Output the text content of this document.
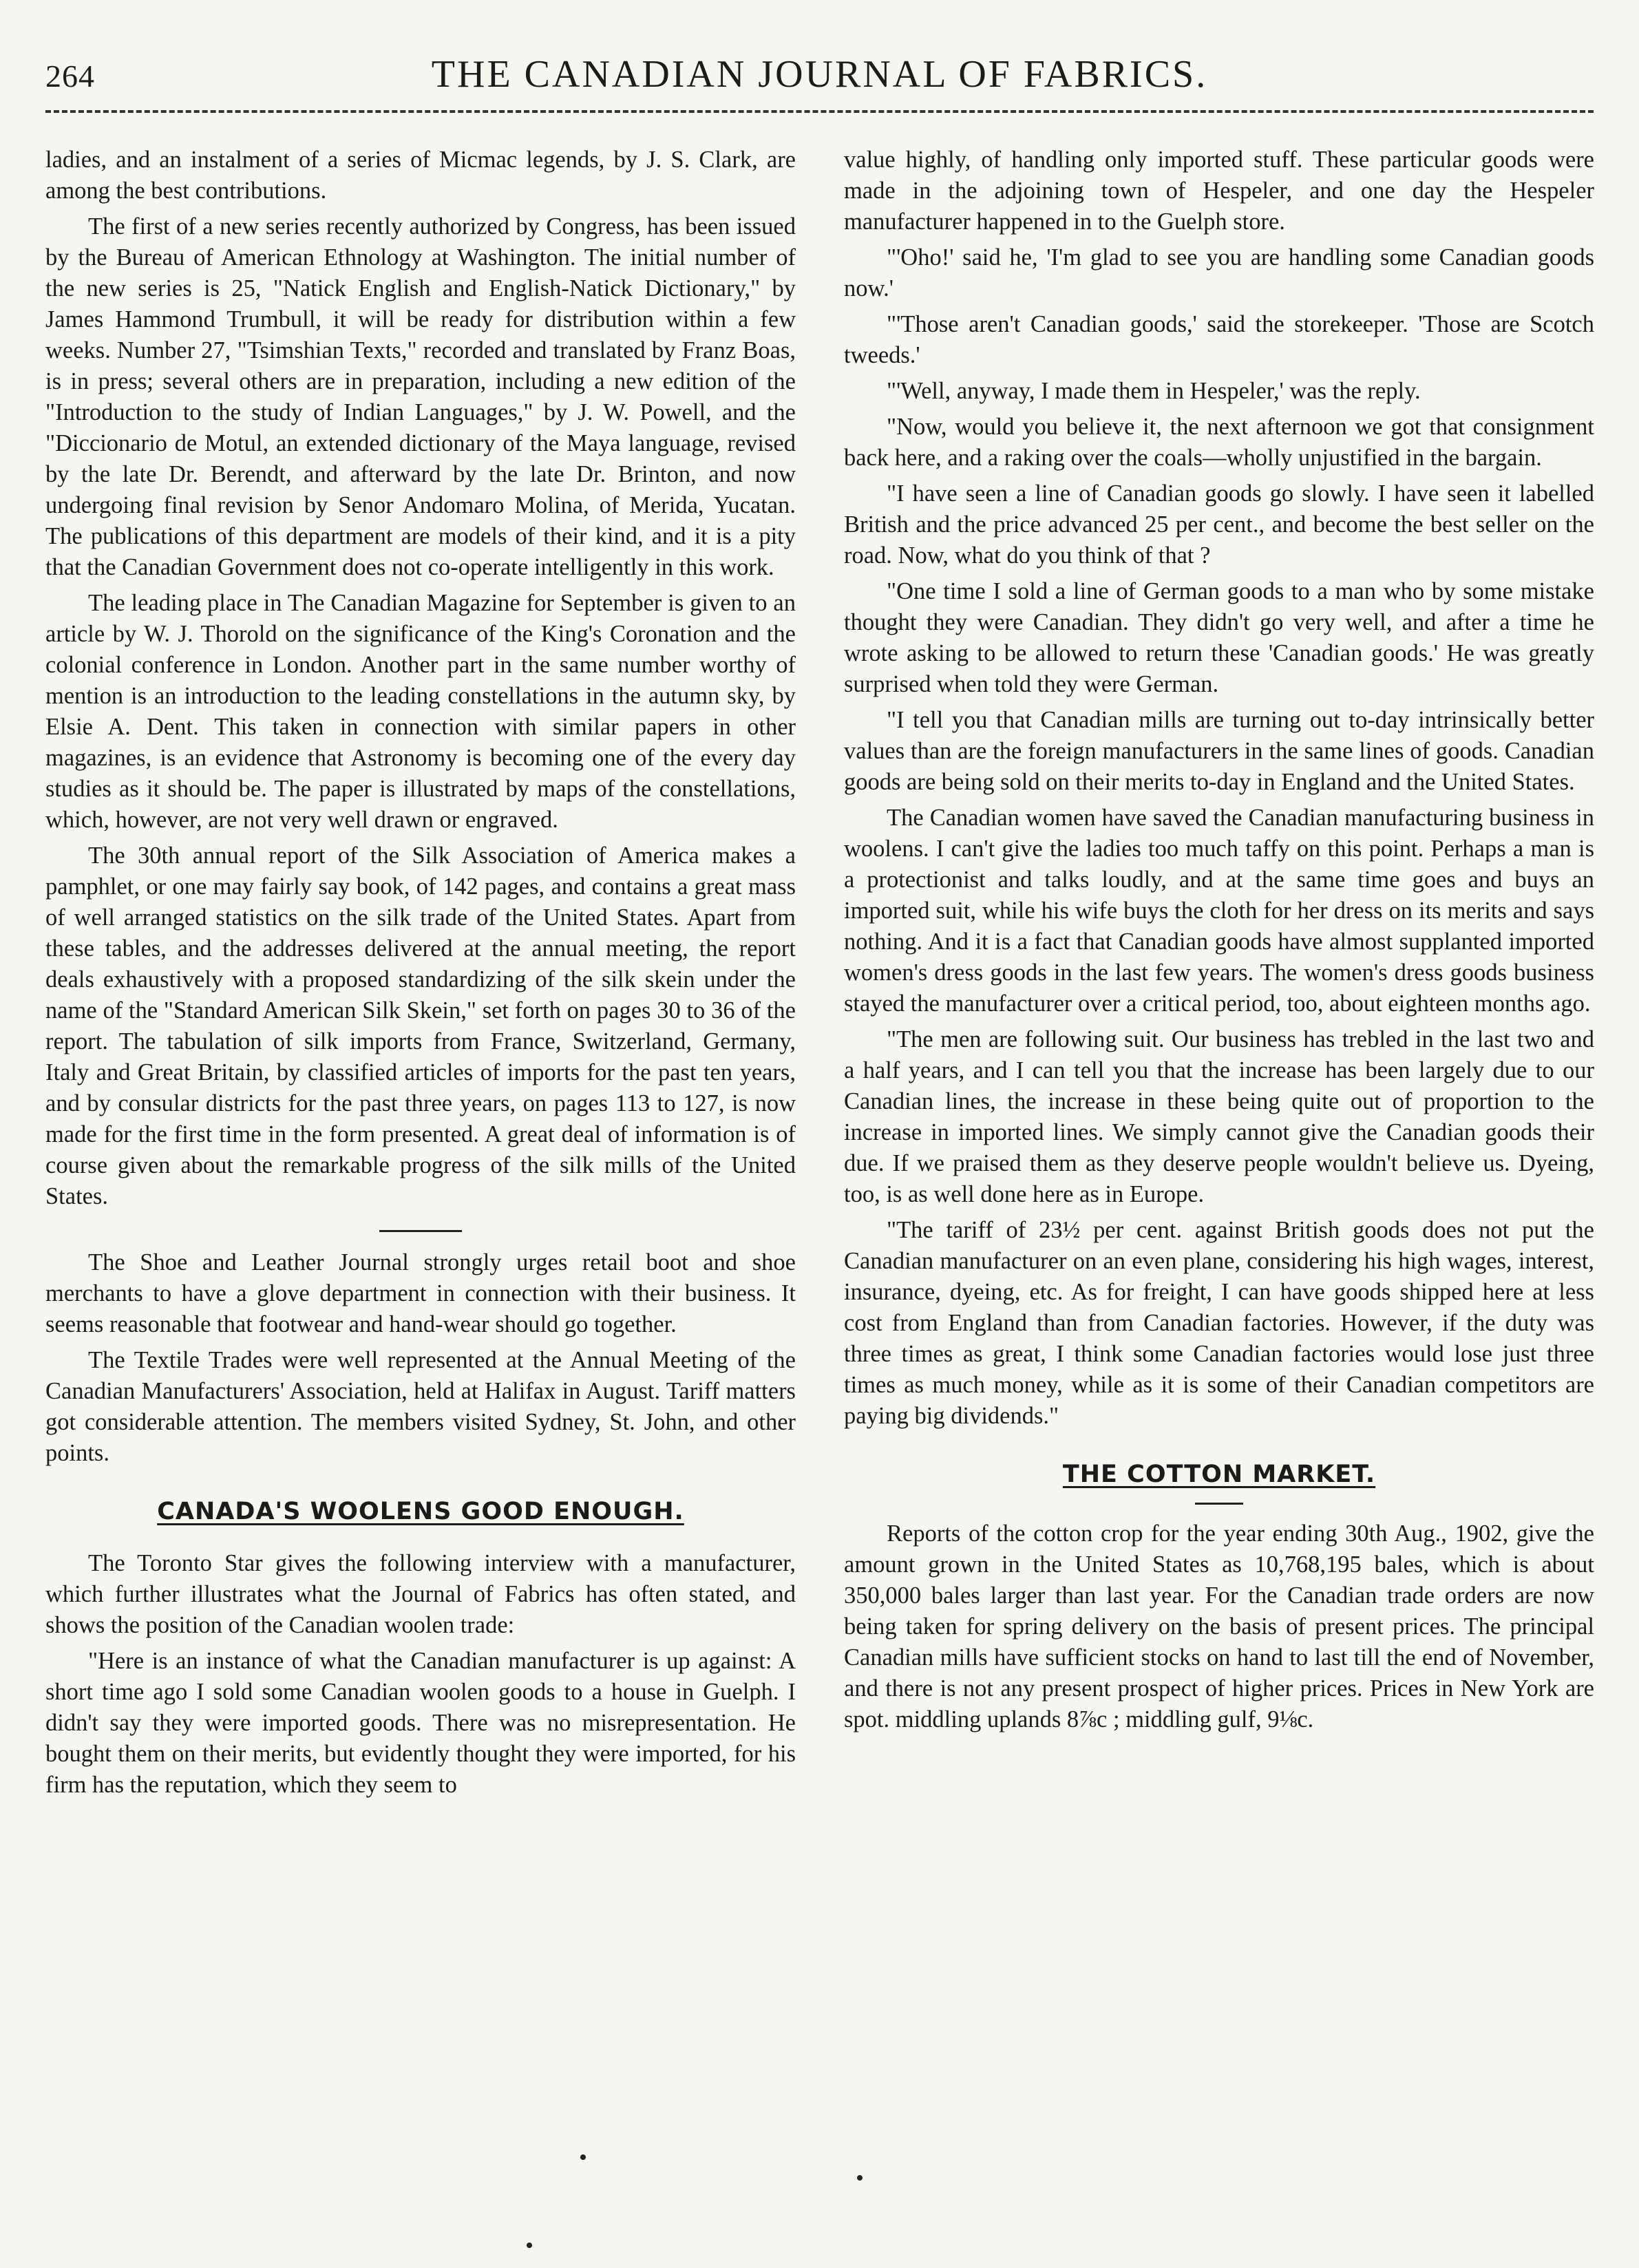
264	THE CANADIAN JOURNAL OF FABRICS.

ladies, and an instalment of a series of Micmac legends, by J. S. Clark, are among the best contributions.

The first of a new series recently authorized by Congress, has been issued by the Bureau of American Ethnology at Washington. The initial number of the new series is 25, "Natick English and English-Natick Dictionary," by James Hammond Trumbull, it will be ready for distribution within a few weeks. Number 27, "Tsimshian Texts," recorded and translated by Franz Boas, is in press; several others are in preparation, including a new edition of the "Introduction to the study of Indian Languages," by J. W. Powell, and the "Diccionario de Motul, an extended dictionary of the Maya language, revised by the late Dr. Berendt, and afterward by the late Dr. Brinton, and now undergoing final revision by Senor Andomaro Molina, of Merida, Yucatan. The publications of this department are models of their kind, and it is a pity that the Canadian Government does not co-operate intelligently in this work.

The leading place in The Canadian Magazine for September is given to an article by W. J. Thorold on the significance of the King's Coronation and the colonial conference in London. Another part in the same number worthy of mention is an introduction to the leading constellations in the autumn sky, by Elsie A. Dent. This taken in connection with similar papers in other magazines, is an evidence that Astronomy is becoming one of the every day studies as it should be. The paper is illustrated by maps of the constellations, which, however, are not very well drawn or engraved.

The 30th annual report of the Silk Association of America makes a pamphlet, or one may fairly say book, of 142 pages, and contains a great mass of well arranged statistics on the silk trade of the United States. Apart from these tables, and the addresses delivered at the annual meeting, the report deals exhaustively with a proposed standardizing of the silk skein under the name of the "Standard American Silk Skein," set forth on pages 30 to 36 of the report. The tabulation of silk imports from France, Switzerland, Germany, Italy and Great Britain, by classified articles of imports for the past ten years, and by consular districts for the past three years, on pages 113 to 127, is now made for the first time in the form presented. A great deal of information is of course given about the remarkable progress of the silk mills of the United States.

The Shoe and Leather Journal strongly urges retail boot and shoe merchants to have a glove department in connection with their business. It seems reasonable that footwear and hand-wear should go together.

The Textile Trades were well represented at the Annual Meeting of the Canadian Manufacturers' Association, held at Halifax in August. Tariff matters got considerable attention. The members visited Sydney, St. John, and other points.

CANADA'S WOOLENS GOOD ENOUGH.

The Toronto Star gives the following interview with a manufacturer, which further illustrates what the Journal of Fabrics has often stated, and shows the position of the Canadian woolen trade:

"Here is an instance of what the Canadian manufacturer is up against: A short time ago I sold some Canadian woolen goods to a house in Guelph. I didn't say they were imported goods. There was no misrepresentation. He bought them on their merits, but evidently thought they were imported, for his firm has the reputation, which they seem to

value highly, of handling only imported stuff. These particular goods were made in the adjoining town of Hespeler, and one day the Hespeler manufacturer happened in to the Guelph store.

"'Oho!' said he, 'I'm glad to see you are handling some Canadian goods now.'

"'Those aren't Canadian goods,' said the storekeeper. 'Those are Scotch tweeds.'

"'Well, anyway, I made them in Hespeler,' was the reply.

"Now, would you believe it, the next afternoon we got that consignment back here, and a raking over the coals—wholly unjustified in the bargain.

"I have seen a line of Canadian goods go slowly. I have seen it labelled British and the price advanced 25 per cent., and become the best seller on the road. Now, what do you think of that ?

"One time I sold a line of German goods to a man who by some mistake thought they were Canadian. They didn't go very well, and after a time he wrote asking to be allowed to return these 'Canadian goods.' He was greatly surprised when told they were German.

"I tell you that Canadian mills are turning out to-day intrinsically better values than are the foreign manufacturers in the same lines of goods. Canadian goods are being sold on their merits to-day in England and the United States.

The Canadian women have saved the Canadian manufacturing business in woolens. I can't give the ladies too much taffy on this point. Perhaps a man is a protectionist and talks loudly, and at the same time goes and buys an imported suit, while his wife buys the cloth for her dress on its merits and says nothing. And it is a fact that Canadian goods have almost supplanted imported women's dress goods in the last few years. The women's dress goods business stayed the manufacturer over a critical period, too, about eighteen months ago.

"The men are following suit. Our business has trebled in the last two and a half years, and I can tell you that the increase has been largely due to our Canadian lines, the increase in these being quite out of proportion to the increase in imported lines. We simply cannot give the Canadian goods their due. If we praised them as they deserve people wouldn't believe us. Dyeing, too, is as well done here as in Europe.

"The tariff of 23½ per cent. against British goods does not put the Canadian manufacturer on an even plane, considering his high wages, interest, insurance, dyeing, etc. As for freight, I can have goods shipped here at less cost from England than from Canadian factories. However, if the duty was three times as great, I think some Canadian factories would lose just three times as much money, while as it is some of their Canadian competitors are paying big dividends."

THE COTTON MARKET.

Reports of the cotton crop for the year ending 30th Aug., 1902, give the amount grown in the United States as 10,768,195 bales, which is about 350,000 bales larger than last year. For the Canadian trade orders are now being taken for spring delivery on the basis of present prices. The principal Canadian mills have sufficient stocks on hand to last till the end of November, and there is not any present prospect of higher prices. Prices in New York are spot. middling uplands 8⅞c ; middling gulf, 9⅛c.
